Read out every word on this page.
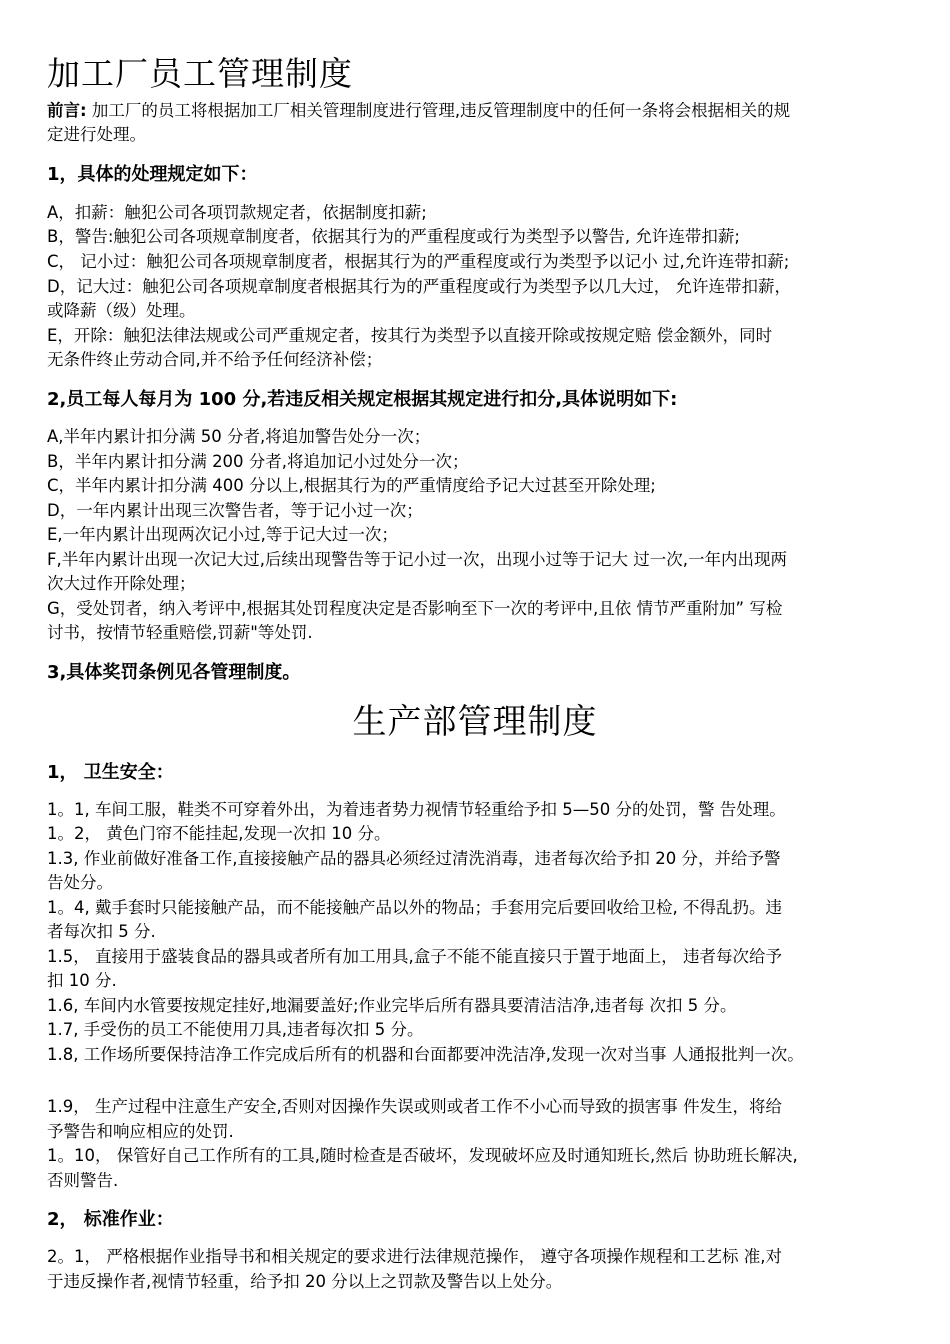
加工厂员工管理制度

前言: 加工厂的员工将根据加工厂相关管理制度进行管理,违反管理制度中的任何一条将会根据相关的规

定进行处理。

1，具体的处理规定如下：

A，扣薪：触犯公司各项罚款规定者，依据制度扣薪;

B，警告:触犯公司各项规章制度者，依据其行为的严重程度或行为类型予以警告, 允许连带扣薪;

C， 记小过：触犯公司各项规章制度者，根据其行为的严重程度或行为类型予以记小 过,允许连带扣薪;

D，记大过：触犯公司各项规章制度者根据其行为的严重程度或行为类型予以几大过， 允许连带扣薪，

或降薪（级）处理。

E，开除：触犯法律法规或公司严重规定者，按其行为类型予以直接开除或按规定赔 偿金额外，同时

无条件终止劳动合同,并不给予任何经济补偿；

2,员工每人每月为 100 分,若违反相关规定根据其规定进行扣分,具体说明如下:

A,半年内累计扣分满 50 分者,将追加警告处分一次；

B，半年内累计扣分满 200 分者,将追加记小过处分一次；

C，半年内累计扣分满 400 分以上,根据其行为的严重情度给予记大过甚至开除处理;

D，一年内累计出现三次警告者，等于记小过一次；

E,一年内累计出现两次记小过,等于记大过一次；

F,半年内累计出现一次记大过,后续出现警告等于记小过一次，出现小过等于记大 过一次,一年内出现两

次大过作开除处理；

G，受处罚者，纳入考评中,根据其处罚程度决定是否影响至下一次的考评中,且依 情节严重附加” 写检

讨书，按情节轻重赔偿,罚薪"等处罚.

3,具体奖罚条例见各管理制度。
生产部管理制度
1， 卫生安全：

1。1, 车间工服，鞋类不可穿着外出，为着违者势力视情节轻重给予扣 5—50 分的处罚，警 告处理。

1。2， 黄色门帘不能挂起,发现一次扣 10 分。

1.3, 作业前做好准备工作,直接接触产品的器具必须经过清洗消毒，违者每次给予扣 20 分，并给予警

告处分。

1。4, 戴手套时只能接触产品，而不能接触产品以外的物品；手套用完后要回收给卫检, 不得乱扔。违

者每次扣 5 分.

1.5， 直接用于盛装食品的器具或者所有加工用具,盒子不能不能直接只于置于地面上， 违者每次给予

扣 10 分.

1.6, 车间内水管要按规定挂好,地漏要盖好;作业完毕后所有器具要清洁洁净,违者每 次扣 5 分。

1.7, 手受伤的员工不能使用刀具,违者每次扣 5 分。

1.8, 工作场所要保持洁净工作完成后所有的机器和台面都要冲洗洁净,发现一次对当事 人通报批判一次。

1.9， 生产过程中注意生产安全,否则对因操作失误或则或者工作不小心而导致的损害事 件发生，将给

予警告和响应相应的处罚.

1。10， 保管好自己工作所有的工具,随时检查是否破坏，发现破坏应及时通知班长,然后 协助班长解决,

否则警告.

2， 标准作业：

2。1， 严格根据作业指导书和相关规定的要求进行法律规范操作， 遵守各项操作规程和工艺标 准,对

于违反操作者,视情节轻重，给予扣 20 分以上之罚款及警告以上处分。
